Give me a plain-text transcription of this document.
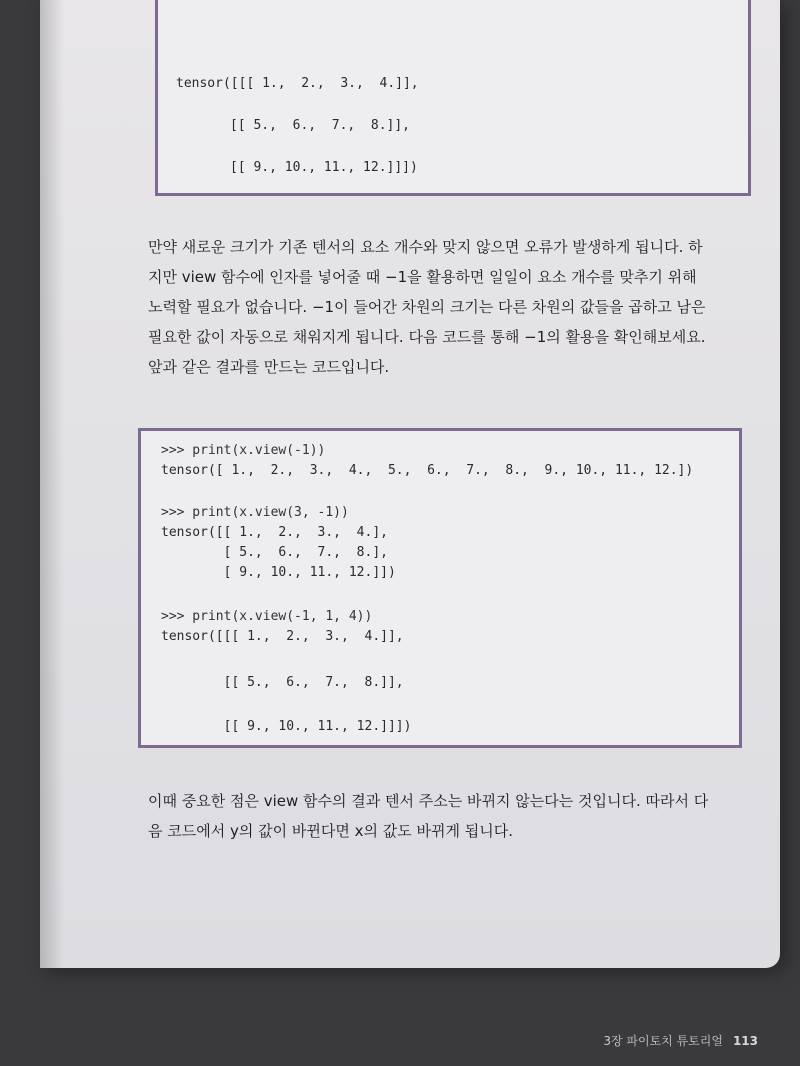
tensor([[[ 1.,  2.,  3.,  4.]],
[[ 5.,  6.,  7.,  8.]],
[[ 9., 10., 11., 12.]]])
만약 새로운 크기가 기존 텐서의 요소 개수와 맞지 않으면 오류가 발생하게 됩니다. 하
지만 view 함수에 인자를 넣어줄 때 −1을 활용하면 일일이 요소 개수를 맞추기 위해
노력할 필요가 없습니다. −1이 들어간 차원의 크기는 다른 차원의 값들을 곱하고 남은
필요한 값이 자동으로 채워지게 됩니다. 다음 코드를 통해 −1의 활용을 확인해보세요.
앞과 같은 결과를 만드는 코드입니다.
>>> print(x.view(-1))
tensor([ 1.,  2.,  3.,  4.,  5.,  6.,  7.,  8.,  9., 10., 11., 12.])
>>> print(x.view(3, -1))
tensor([[ 1.,  2.,  3.,  4.],
[ 5.,  6.,  7.,  8.],
[ 9., 10., 11., 12.]])
>>> print(x.view(-1, 1, 4))
tensor([[[ 1.,  2.,  3.,  4.]],
[[ 5.,  6.,  7.,  8.]],
[[ 9., 10., 11., 12.]]])
이때 중요한 점은 view 함수의 결과 텐서 주소는 바뀌지 않는다는 것입니다. 따라서 다
음 코드에서 y의 값이 바뀐다면 x의 값도 바뀌게 됩니다.
3장 파이토치 튜토리얼 113
